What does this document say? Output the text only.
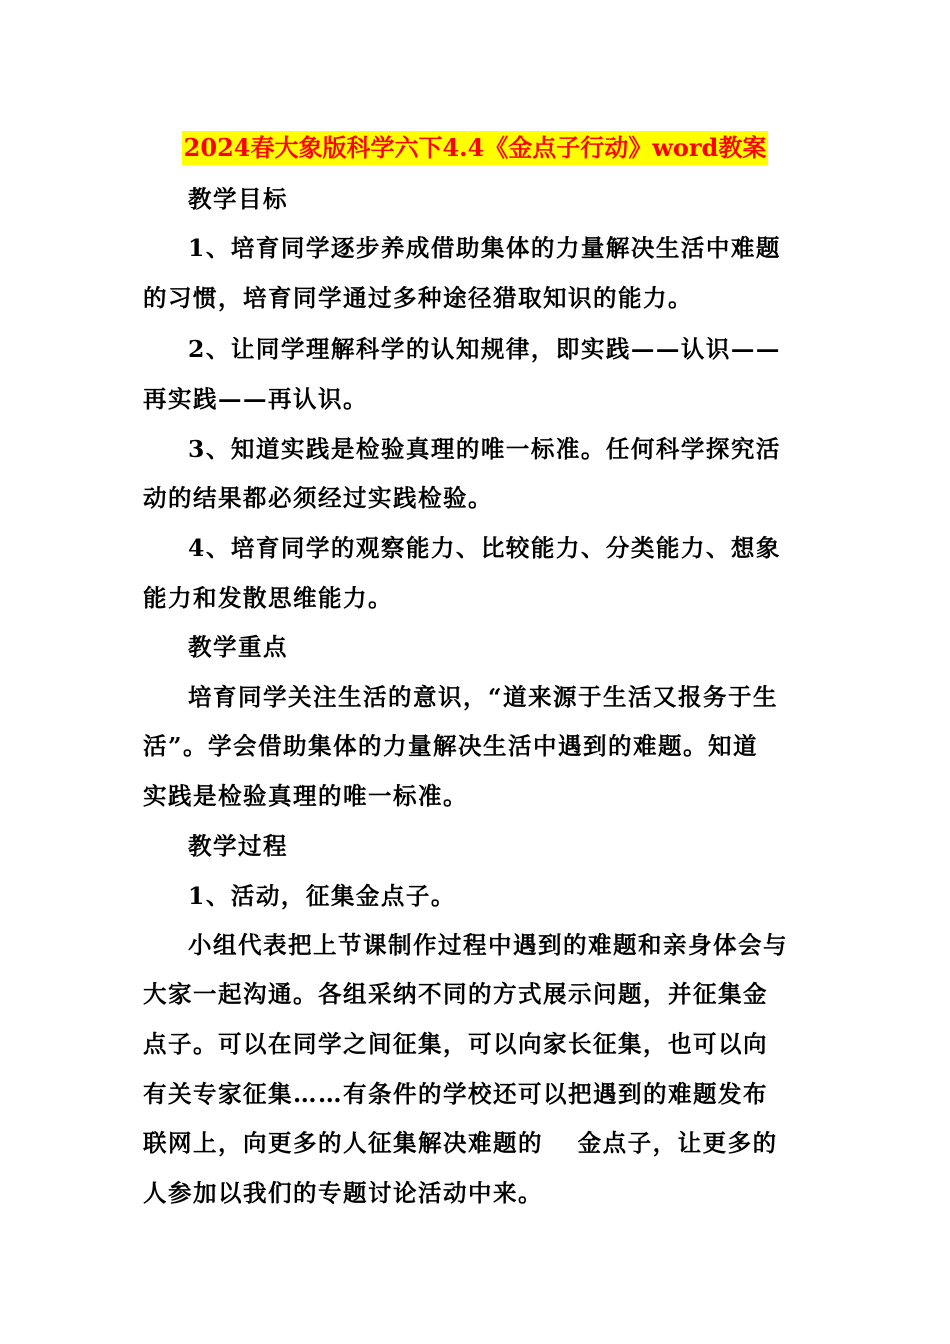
2024春大象版科学六下4.4《金点子行动》word教案
教学目标
1、培育同学逐步养成借助集体的力量解决生活中难题
的习惯，培育同学通过多种途径猎取知识的能力。
2、让同学理解科学的认知规律，即实践——认识——
再实践——再认识。
3、知道实践是检验真理的唯一标准。任何科学探究活
动的结果都必须经过实践检验。
4、培育同学的观察能力、比较能力、分类能力、想象
能力和发散思维能力。
教学重点
培育同学关注生活的意识，“道来源于生活又报务于生
活”。学会借助集体的力量解决生活中遇到的难题。知道
实践是检验真理的唯一标准。
教学过程
1、活动，征集金点子。
小组代表把上节课制作过程中遇到的难题和亲身体会与
大家一起沟通。各组采纳不同的方式展示问题，并征集金
点子。可以在同学之间征集，可以向家长征集，也可以向
有关专家征集……有条件的学校还可以把遇到的难题发布
联网上，向更多的人征集解决难题的　 金点子，让更多的
人参加以我们的专题讨论活动中来。
